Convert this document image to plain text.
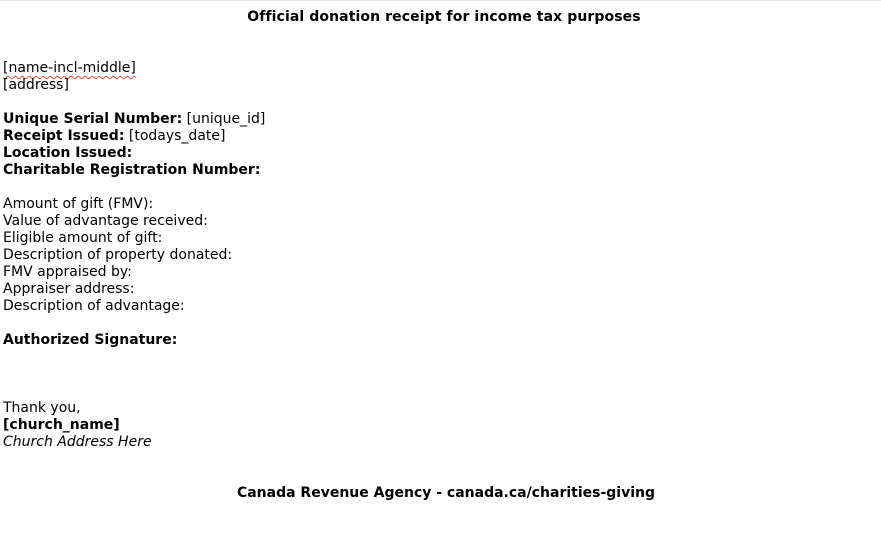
Official donation receipt for income tax purposes
[name-incl-middle]
[address]
Unique Serial Number: [unique_id]
Receipt Issued: [todays_date]
Location Issued:
Charitable Registration Number:
Amount of gift (FMV):
Value of advantage received:
Eligible amount of gift:
Description of property donated:
FMV appraised by:
Appraiser address:
Description of advantage:
Authorized Signature:
Thank you,
[church_name]
Church Address Here
Canada Revenue Agency - canada.ca/charities-giving
